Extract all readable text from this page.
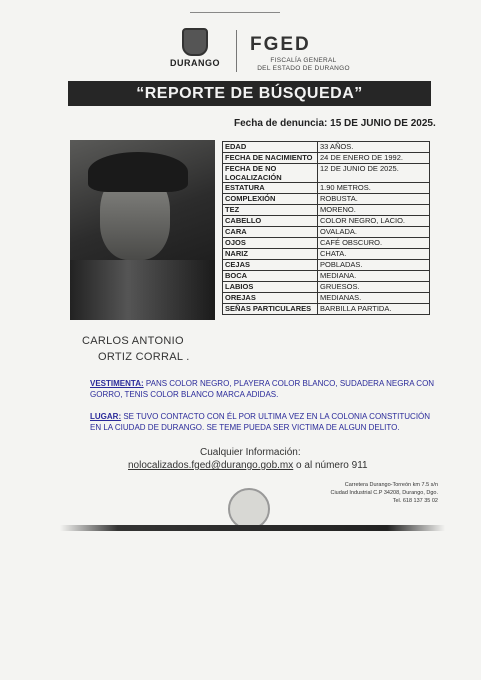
DURANGO
FGED
FISCALÍA GENERAL
DEL ESTADO DE DURANGO
“REPORTE DE BÚSQUEDA”
Fecha de denuncia: 15 DE JUNIO DE 2025.
EDAD	33 AÑOS.
FECHA DE NACIMIENTO	24 DE ENERO DE 1992.
FECHA DE NO LOCALIZACIÓN	12 DE JUNIO DE 2025.
ESTATURA	1.90 METROS.
COMPLEXIÓN	ROBUSTA.
TEZ	MORENO.
CABELLO	COLOR NEGRO, LACIO.
CARA	OVALADA.
OJOS	CAFÉ OBSCURO.
NARIZ	CHATA.
CEJAS	POBLADAS.
BOCA	MEDIANA.
LABIOS	GRUESOS.
OREJAS	MEDIANAS.
SEÑAS PARTICULARES	BARBILLA PARTIDA.
CARLOS ANTONIO
ORTIZ CORRAL .
VESTIMENTA: PANS COLOR NEGRO, PLAYERA COLOR BLANCO, SUDADERA NEGRA CON GORRO, TENIS COLOR BLANCO MARCA ADIDAS.
LUGAR: SE TUVO CONTACTO CON ÉL POR ULTIMA VEZ EN LA COLONIA CONSTITUCIÓN EN LA CIUDAD DE DURANGO. SE TEME PUEDA SER VICTIMA DE ALGUN DELITO.
Cualquier Información:
nolocalizados.fged@durango.gob.mx o al número 911
Carretera Durango-Torreón km 7.5 s/n
Ciudad Industrial C.P 34208, Durango, Dgo.
Tel. 618 137 35 02
